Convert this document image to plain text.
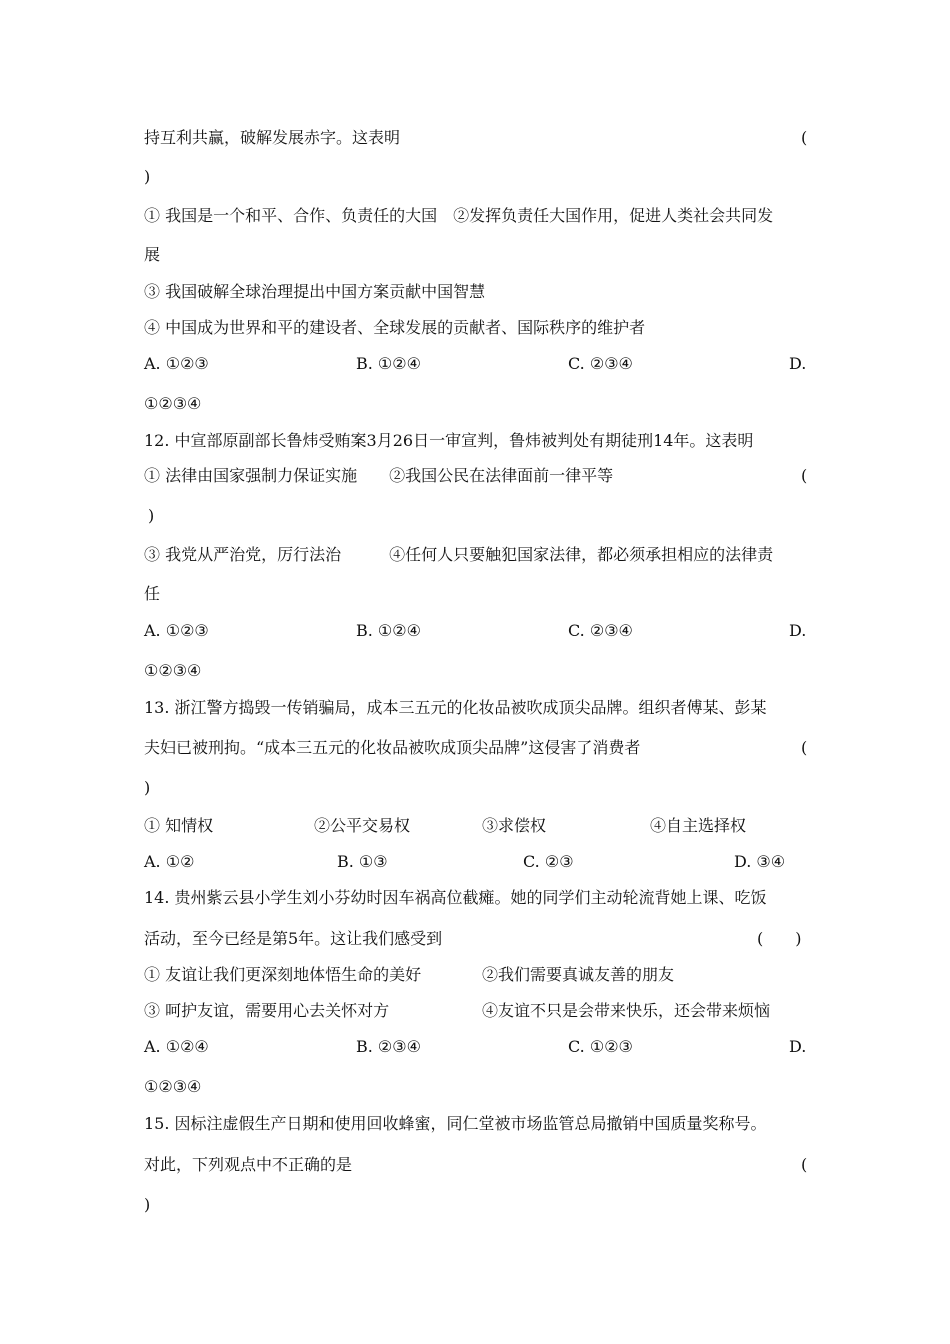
持互利共赢，破解发展赤字。这表明	(
)
① 我国是一个和平、合作、负责任的大国　②发挥负责任大国作用，促进人类社会共同发
展
③ 我国破解全球治理提出中国方案贡献中国智慧
④ 中国成为世界和平的建设者、全球发展的贡献者、国际秩序的维护者
A. ①②③	B. ①②④	C. ②③④	D.
①②③④
12. 中宣部原副部长鲁炜受贿案3月26日一审宣判，鲁炜被判处有期徒刑14年。这表明
① 法律由国家强制力保证实施　　②我国公民在法律面前一律平等	(
)
③ 我党从严治党，厉行法治　　　④任何人只要触犯国家法律，都必须承担相应的法律责
任
A. ①②③	B. ①②④	C. ②③④	D.
①②③④
13. 浙江警方捣毁一传销骗局，成本三五元的化妆品被吹成顶尖品牌。组织者傅某、彭某
夫妇已被刑拘。“成本三五元的化妆品被吹成顶尖品牌”这侵害了消费者	(
)
① 知情权	②公平交易权	③求偿权	④自主选择权
A. ①②	B. ①③	C. ②③	D. ③④
14. 贵州紫云县小学生刘小芬幼时因车祸高位截瘫。她的同学们主动轮流背她上课、吃饭
活动，至今已经是第5年。这让我们感受到	(　　)
① 友谊让我们更深刻地体悟生命的美好	②我们需要真诚友善的朋友
③ 呵护友谊，需要用心去关怀对方	④友谊不只是会带来快乐，还会带来烦恼
A. ①②④	B. ②③④	C. ①②③	D.
①②③④
15. 因标注虚假生产日期和使用回收蜂蜜，同仁堂被市场监管总局撤销中国质量奖称号。
对此，下列观点中不正确的是	(
)
